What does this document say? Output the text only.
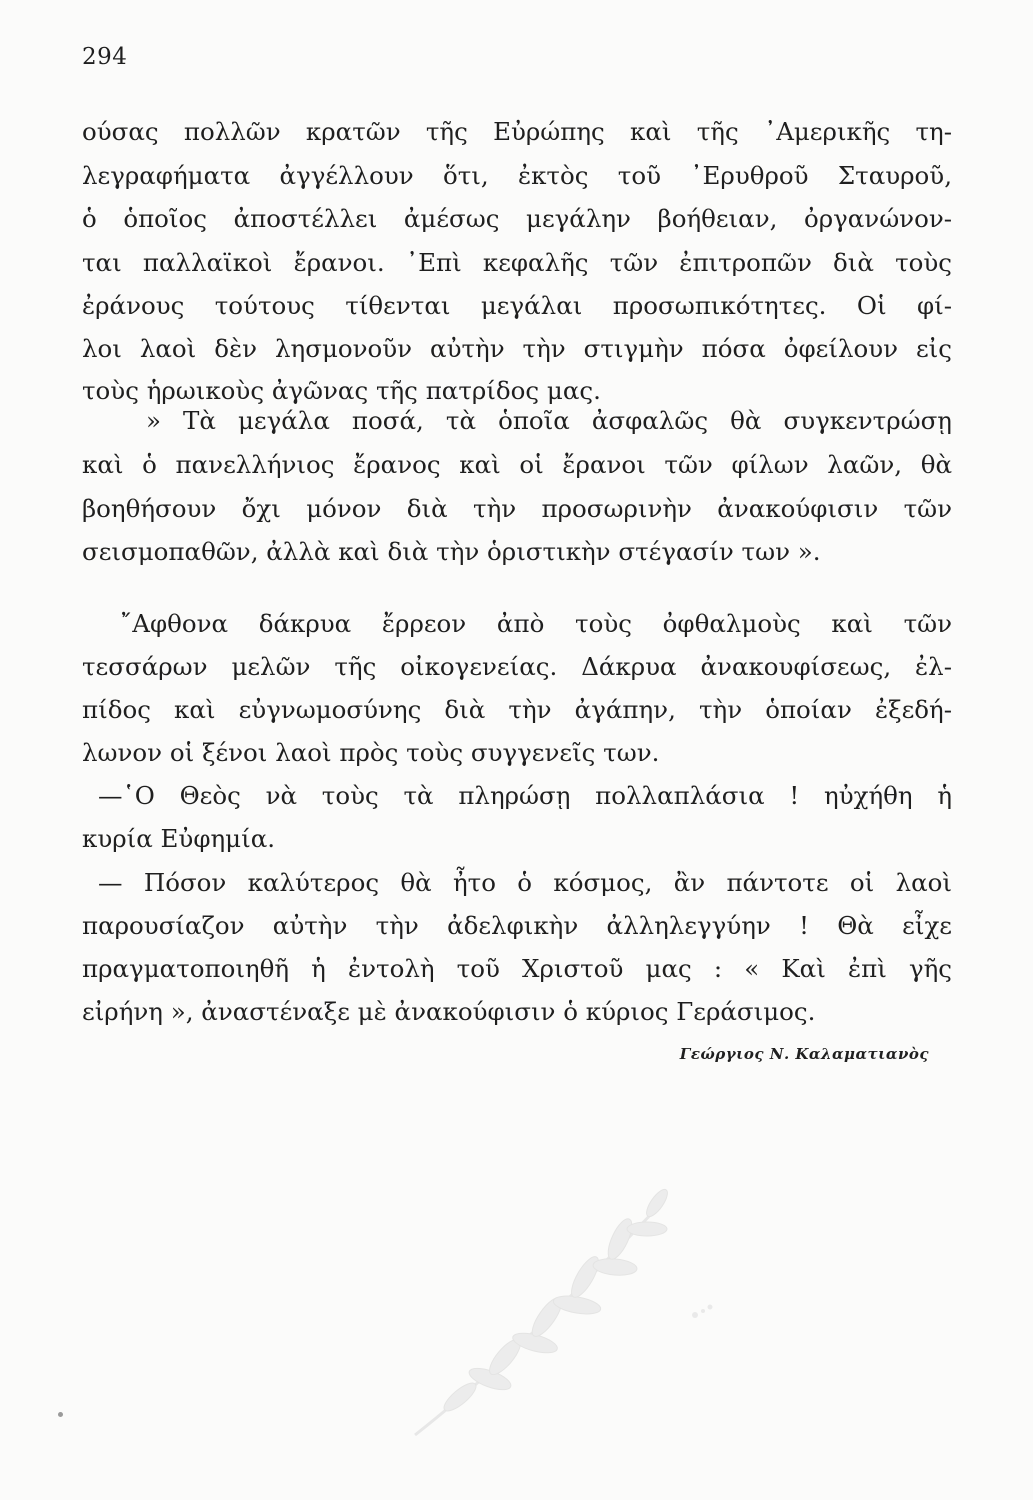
294
ούσας πολλῶν κρατῶν τῆς Εὐρώπης καὶ τῆς ᾿Αμερικῆς τη-
λεγραφήματα ἀγγέλλουν ὅτι, ἐκτὸς τοῦ ᾿Ερυθροῦ Σταυροῦ,
ὁ ὁποῖος ἀποστέλλει ἀμέσως μεγάλην βοήθειαν, ὀργανώνον-
ται παλλαϊκοὶ ἔρανοι. ᾿Επὶ κεφαλῆς τῶν ἐπιτροπῶν διὰ τοὺς
ἐράνους τούτους τίθενται μεγάλαι προσωπικότητες. Οἱ φί-
λοι λαοὶ δὲν λησμονοῦν αὐτὴν τὴν στιγμὴν πόσα ὀφείλουν εἰς
τοὺς ἡρωικοὺς ἀγῶνας τῆς πατρίδος μας.
» Τὰ μεγάλα ποσά, τὰ ὁποῖα ἀσφαλῶς θὰ συγκεντρώσῃ
καὶ ὁ πανελλήνιος ἔρανος καὶ οἱ ἔρανοι τῶν φίλων λαῶν, θὰ
βοηθήσουν ὄχι μόνον διὰ τὴν προσωρινὴν ἀνακούφισιν τῶν
σεισμοπαθῶν, ἀλλὰ καὶ διὰ τὴν ὁριστικὴν στέγασίν των ».
῎Αφθονα δάκρυα ἔρρεον ἀπὸ τοὺς ὀφθαλμοὺς καὶ τῶν
τεσσάρων μελῶν τῆς οἰκογενείας. Δάκρυα ἀνακουφίσεως, ἐλ-
πίδος καὶ εὐγνωμοσύνης διὰ τὴν ἀγάπην, τὴν ὁποίαν ἐξεδή-
λωνον οἱ ξένοι λαοὶ πρὸς τοὺς συγγενεῖς των.
—῾Ο Θεὸς νὰ τοὺς τὰ πληρώσῃ πολλαπλάσια ! ηὐχήθη ἡ
κυρία Εὐφημία.
— Πόσον καλύτερος θὰ ἦτο ὁ κόσμος, ἂν πάντοτε οἱ λαοὶ
παρουσίαζον αὐτὴν τὴν ἀδελφικὴν ἀλληλεγγύην ! Θὰ εἶχε
πραγματοποιηθῆ ἡ ἐντολὴ τοῦ Χριστοῦ μας : « Καὶ ἐπὶ γῆς
εἰρήνη », ἀναστέναξε μὲ ἀνακούφισιν ὁ κύριος Γεράσιμος.
Γεώργιος Ν. Καλαματιανὸς
